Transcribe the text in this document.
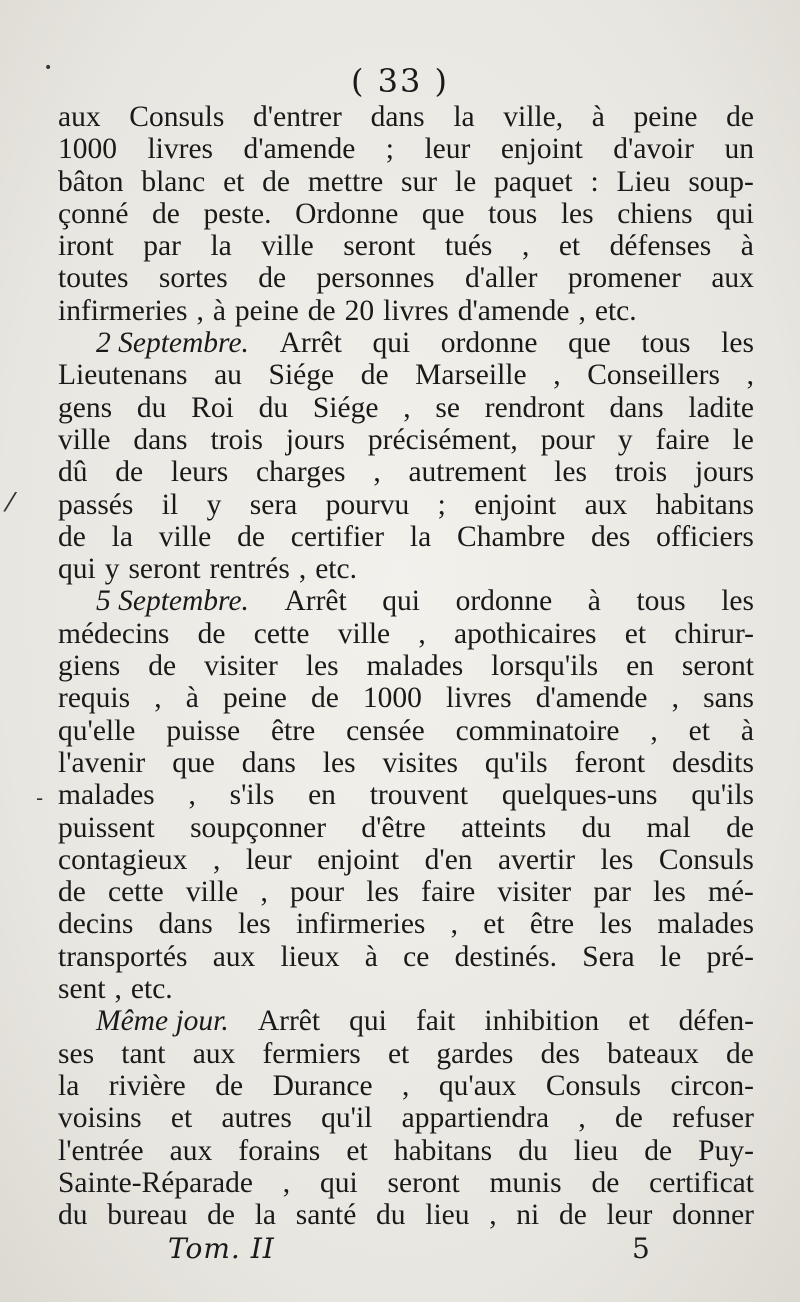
•
⁄
-
( 33 )
aux Consuls d'entrer dans la ville, à peine de
1000 livres d'amende ; leur enjoint d'avoir un
bâton blanc et de mettre sur le paquet : Lieu soup-
çonné de peste. Ordonne que tous les chiens qui
iront par la ville seront tués , et défenses à
toutes sortes de personnes d'aller promener aux
infirmeries , à peine de 20 livres d'amende , etc.
2 Septembre. Arrêt qui ordonne que tous les
Lieutenans au Siége de Marseille , Conseillers ,
gens du Roi du Siége , se rendront dans ladite
ville dans trois jours précisément, pour y faire le
dû de leurs charges , autrement les trois jours
passés il y sera pourvu ; enjoint aux habitans
de la ville de certifier la Chambre des officiers
qui y seront rentrés , etc.
5 Septembre. Arrêt qui ordonne à tous les
médecins de cette ville , apothicaires et chirur-
giens de visiter les malades lorsqu'ils en seront
requis , à peine de 1000 livres d'amende , sans
qu'elle puisse être censée comminatoire , et à
l'avenir que dans les visites qu'ils feront desdits
malades , s'ils en trouvent quelques-uns qu'ils
puissent soupçonner d'être atteints du mal de
contagieux , leur enjoint d'en avertir les Consuls
de cette ville , pour les faire visiter par les mé-
decins dans les infirmeries , et être les malades
transportés aux lieux à ce destinés. Sera le pré-
sent , etc.
Même jour. Arrêt qui fait inhibition et défen-
ses tant aux fermiers et gardes des bateaux de
la rivière de Durance , qu'aux Consuls circon-
voisins et autres qu'il appartiendra , de refuser
l'entrée aux forains et habitans du lieu de Puy-
Sainte-Réparade , qui seront munis de certificat
du bureau de la santé du lieu , ni de leur donner
Tom. II	5
